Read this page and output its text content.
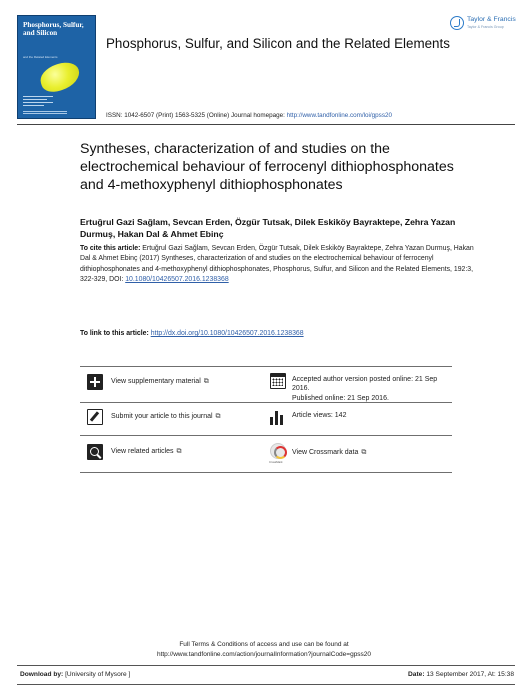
Phosphorus, Sulfur, and Silicon
and the Related Elements
Phosphorus, Sulfur, and Silicon and the Related Elements
Taylor & Francis
Taylor & Francis Group
ISSN: 1042-6507 (Print) 1563-5325 (Online) Journal homepage: http://www.tandfonline.com/loi/gpss20
Syntheses, characterization of and studies on the electrochemical behaviour of ferrocenyl dithiophosphonates and 4-methoxyphenyl dithiophosphonates
Ertuğrul Gazi Sağlam, Sevcan Erden, Özgür Tutsak, Dilek Eskiköy Bayraktepe, Zehra Yazan Durmuş, Hakan Dal & Ahmet Ebinç
To cite this article: Ertuğrul Gazi Sağlam, Sevcan Erden, Özgür Tutsak, Dilek Eskiköy Bayraktepe, Zehra Yazan Durmuş, Hakan Dal & Ahmet Ebinç (2017) Syntheses, characterization of and studies on the electrochemical behaviour of ferrocenyl dithiophosphonates and 4-methoxyphenyl dithiophosphonates, Phosphorus, Sulfur, and Silicon and the Related Elements, 192:3, 322-329, DOI: 10.1080/10426507.2016.1238368
To link to this article: http://dx.doi.org/10.1080/10426507.2016.1238368
View supplementary material ⧉
Submit your article to this journal ⧉
View related articles ⧉
Accepted author version posted online: 21 Sep 2016.
Published online: 21 Sep 2016.
Article views: 142
CrossMark
View Crossmark data ⧉
Full Terms & Conditions of access and use can be found at
http://www.tandfonline.com/action/journalInformation?journalCode=gpss20
Download by: [University of Mysore ]	Date: 13 September 2017, At: 15:38
